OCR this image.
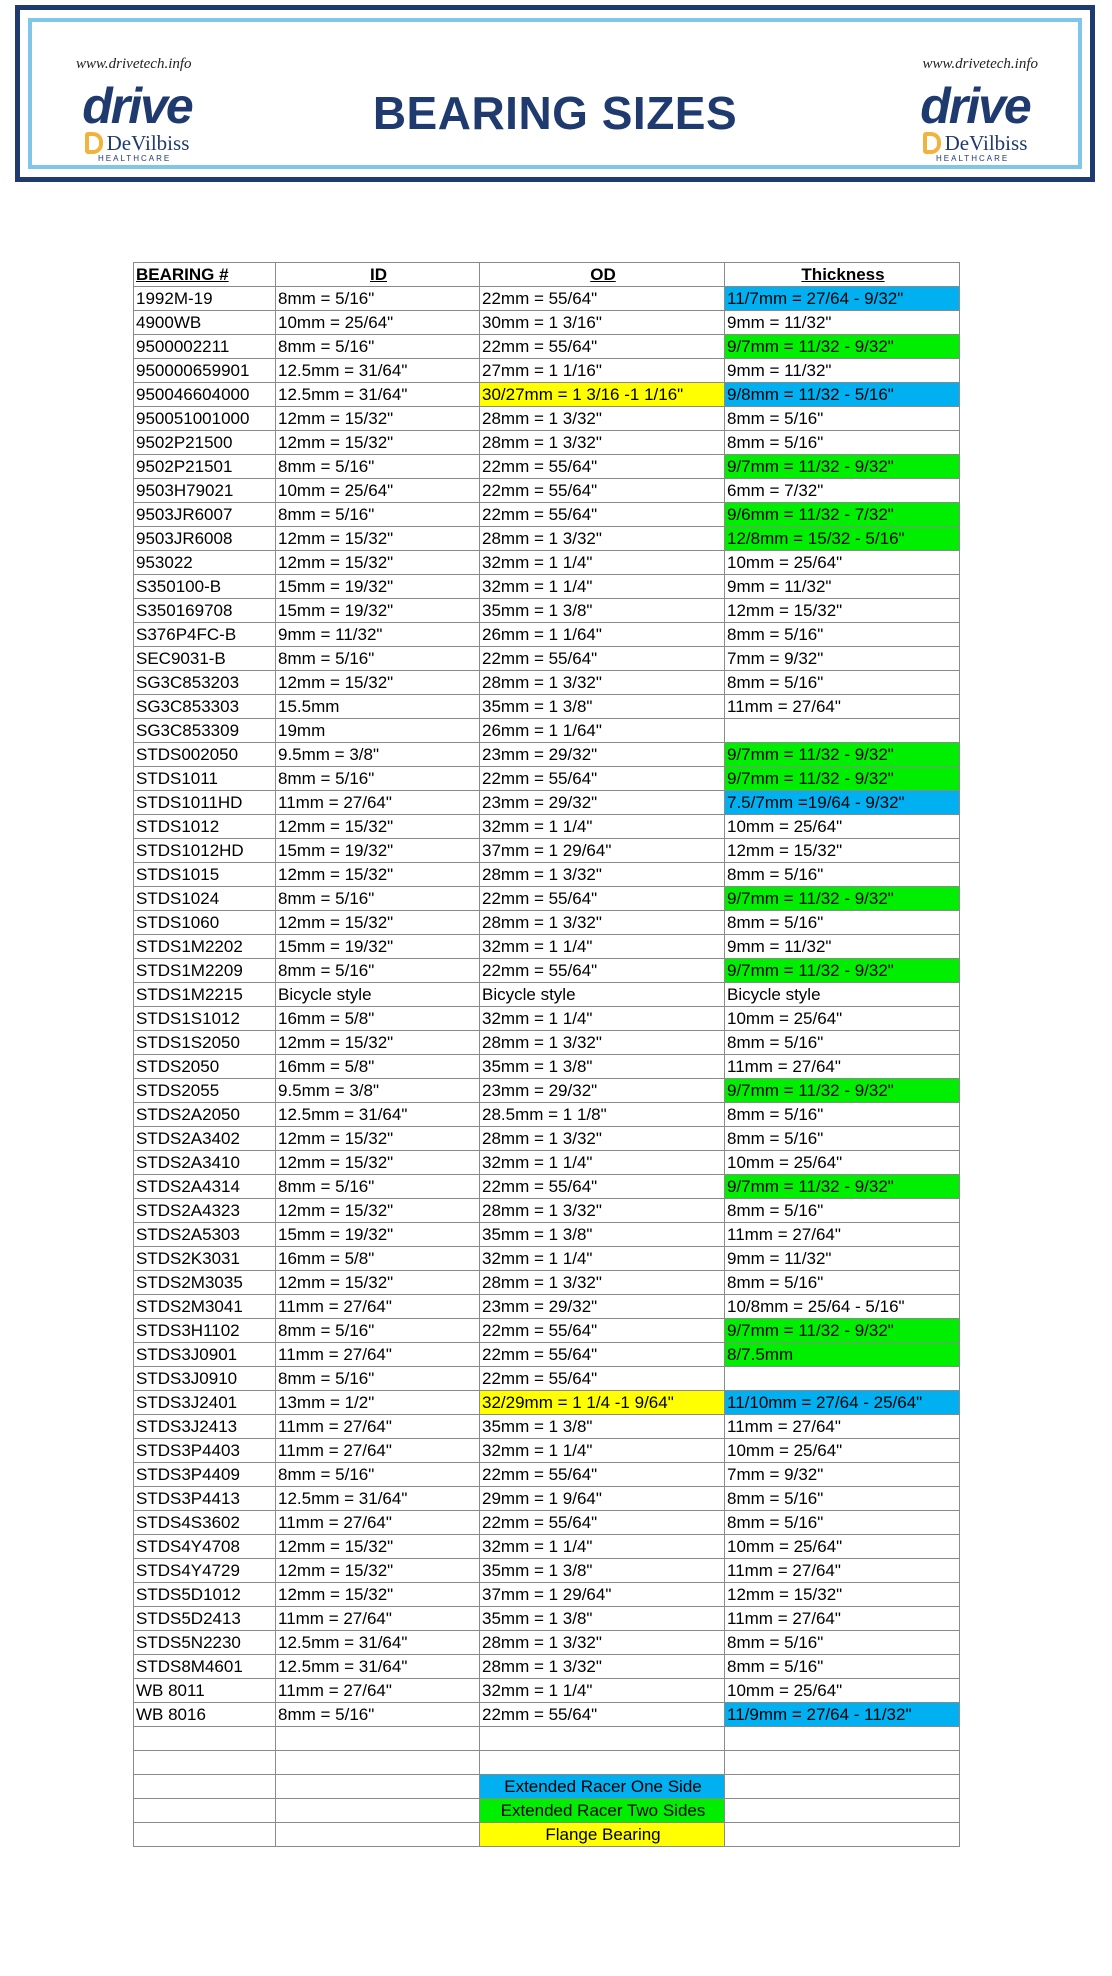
www.drivetech.info	www.drivetech.info
drive
DeVilbiss
HEALTHCARE
BEARING SIZES	drive
DeVilbiss
HEALTHCARE
BEARING #	ID	OD	Thickness
1992M-19	8mm = 5/16"	22mm = 55/64"	11/7mm = 27/64 - 9/32"
4900WB	10mm = 25/64"	30mm = 1 3/16"	9mm = 11/32"
9500002211	8mm = 5/16"	22mm = 55/64"	9/7mm = 11/32 - 9/32"
950000659901	12.5mm = 31/64"	27mm = 1 1/16"	9mm = 11/32"
950046604000	12.5mm = 31/64"	30/27mm = 1 3/16 -1 1/16"	9/8mm = 11/32 - 5/16"
950051001000	12mm = 15/32"	28mm = 1 3/32"	8mm = 5/16"
9502P21500	12mm = 15/32"	28mm = 1 3/32"	8mm = 5/16"
9502P21501	8mm = 5/16"	22mm = 55/64"	9/7mm = 11/32 - 9/32"
9503H79021	10mm = 25/64"	22mm = 55/64"	6mm = 7/32"
9503JR6007	8mm = 5/16"	22mm = 55/64"	9/6mm = 11/32 - 7/32"
9503JR6008	12mm = 15/32"	28mm = 1 3/32"	12/8mm = 15/32 - 5/16"
953022	12mm = 15/32"	32mm = 1 1/4"	10mm = 25/64"
S350100-B	15mm = 19/32"	32mm = 1 1/4"	9mm = 11/32"
S350169708	15mm = 19/32"	35mm = 1 3/8"	12mm = 15/32"
S376P4FC-B	9mm = 11/32"	26mm = 1 1/64"	8mm = 5/16"
SEC9031-B	8mm = 5/16"	22mm = 55/64"	7mm = 9/32"
SG3C853203	12mm = 15/32"	28mm = 1 3/32"	8mm = 5/16"
SG3C853303	15.5mm	35mm = 1 3/8"	11mm = 27/64"
SG3C853309	19mm	26mm = 1 1/64"	
STDS002050	9.5mm = 3/8"	23mm = 29/32"	9/7mm = 11/32 - 9/32"
STDS1011	8mm = 5/16"	22mm = 55/64"	9/7mm = 11/32 - 9/32"
STDS1011HD	11mm = 27/64"	23mm = 29/32"	7.5/7mm =19/64 - 9/32"
STDS1012	12mm = 15/32"	32mm = 1 1/4"	10mm = 25/64"
STDS1012HD	15mm = 19/32"	37mm = 1 29/64"	12mm = 15/32"
STDS1015	12mm = 15/32"	28mm = 1 3/32"	8mm = 5/16"
STDS1024	8mm = 5/16"	22mm = 55/64"	9/7mm = 11/32 - 9/32"
STDS1060	12mm = 15/32"	28mm = 1 3/32"	8mm = 5/16"
STDS1M2202	15mm = 19/32"	32mm = 1 1/4"	9mm = 11/32"
STDS1M2209	8mm = 5/16"	22mm = 55/64"	9/7mm = 11/32 - 9/32"
STDS1M2215	Bicycle style	Bicycle style	Bicycle style
STDS1S1012	16mm = 5/8"	32mm = 1 1/4"	10mm = 25/64"
STDS1S2050	12mm = 15/32"	28mm = 1 3/32"	8mm = 5/16"
STDS2050	16mm = 5/8"	35mm = 1 3/8"	11mm = 27/64"
STDS2055	9.5mm = 3/8"	23mm = 29/32"	9/7mm = 11/32 - 9/32"
STDS2A2050	12.5mm = 31/64"	28.5mm = 1 1/8"	8mm = 5/16"
STDS2A3402	12mm = 15/32"	28mm = 1 3/32"	8mm = 5/16"
STDS2A3410	12mm = 15/32"	32mm = 1 1/4"	10mm = 25/64"
STDS2A4314	8mm = 5/16"	22mm = 55/64"	9/7mm = 11/32 - 9/32"
STDS2A4323	12mm = 15/32"	28mm = 1 3/32"	8mm = 5/16"
STDS2A5303	15mm = 19/32"	35mm = 1 3/8"	11mm = 27/64"
STDS2K3031	16mm = 5/8"	32mm = 1 1/4"	9mm = 11/32"
STDS2M3035	12mm = 15/32"	28mm = 1 3/32"	8mm = 5/16"
STDS2M3041	11mm = 27/64"	23mm = 29/32"	10/8mm = 25/64 - 5/16"
STDS3H1102	8mm = 5/16"	22mm = 55/64"	9/7mm = 11/32 - 9/32"
STDS3J0901	11mm = 27/64"	22mm = 55/64"	8/7.5mm
STDS3J0910	8mm = 5/16"	22mm = 55/64"	
STDS3J2401	13mm = 1/2"	32/29mm = 1 1/4 -1 9/64"	11/10mm = 27/64 - 25/64"
STDS3J2413	11mm = 27/64"	35mm = 1 3/8"	11mm = 27/64"
STDS3P4403	11mm = 27/64"	32mm = 1 1/4"	10mm = 25/64"
STDS3P4409	8mm = 5/16"	22mm = 55/64"	7mm = 9/32"
STDS3P4413	12.5mm = 31/64"	29mm = 1 9/64"	8mm = 5/16"
STDS4S3602	11mm = 27/64"	22mm = 55/64"	8mm = 5/16"
STDS4Y4708	12mm = 15/32"	32mm = 1 1/4"	10mm = 25/64"
STDS4Y4729	12mm = 15/32"	35mm = 1 3/8"	11mm = 27/64"
STDS5D1012	12mm = 15/32"	37mm = 1 29/64"	12mm = 15/32"
STDS5D2413	11mm = 27/64"	35mm = 1 3/8"	11mm = 27/64"
STDS5N2230	12.5mm = 31/64"	28mm = 1 3/32"	8mm = 5/16"
STDS8M4601	12.5mm = 31/64"	28mm = 1 3/32"	8mm = 5/16"
WB 8011	11mm = 27/64"	32mm = 1 1/4"	10mm = 25/64"
WB 8016	8mm = 5/16"	22mm = 55/64"	11/9mm = 27/64 - 11/32"

		Extended Racer One Side	
		Extended Racer Two Sides	
		Flange Bearing	
